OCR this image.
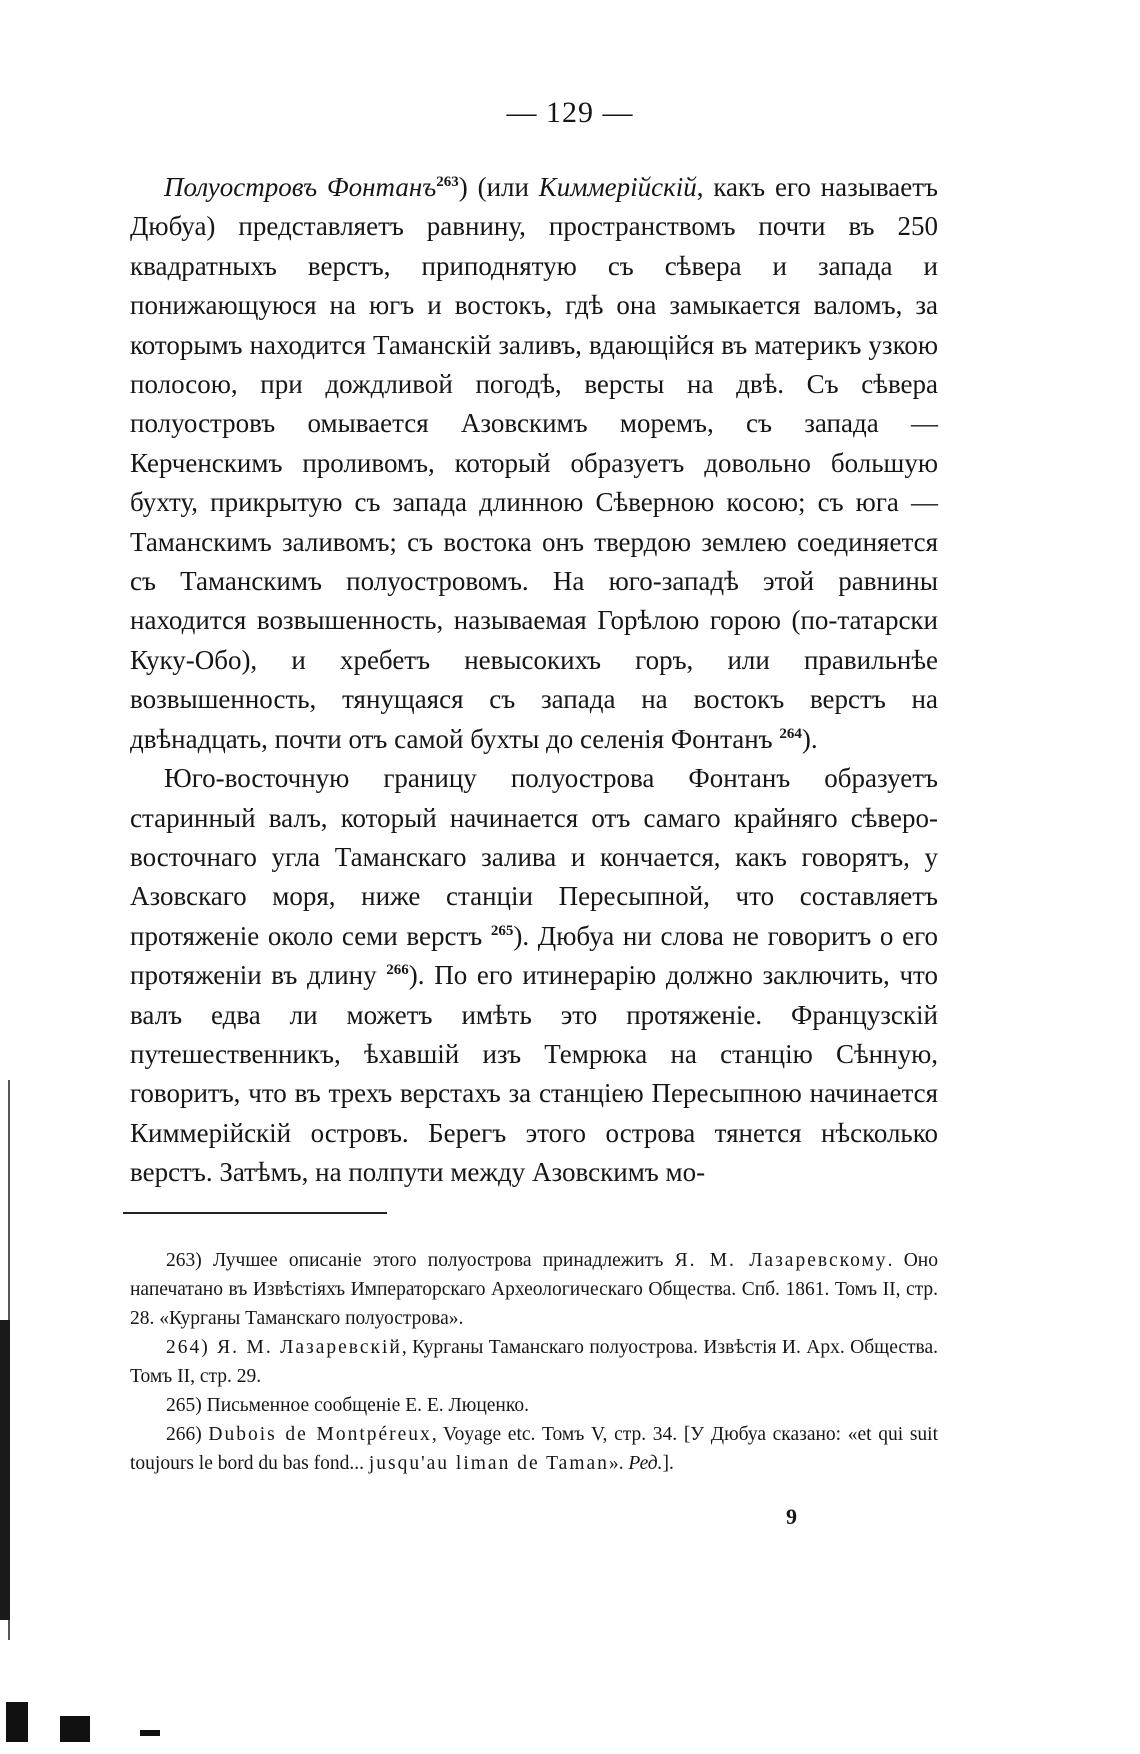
— 129 —

Полуостровъ Фонтанъ$^{263}$) (или Киммерійскій, какъ его называетъ Дюбуа) представляетъ равнину, пространствомъ почти въ 250 квадратныхъ верстъ, приподнятую съ сѣвера и запада и понижающуюся на югъ и востокъ, гдѣ она замыкается валомъ, за которымъ находится Таманскій заливъ, вдающійся въ материкъ узкою полосою, при дождливой погодѣ, версты на двѣ. Съ сѣвера полуостровъ омывается Азовскимъ моремъ, съ запада — Керченскимъ проливомъ, который образуетъ довольно большую бухту, прикрытую съ запада длинною Сѣверною косою; съ юга — Таманскимъ заливомъ; съ востока онъ твердою землею соединяется съ Таманскимъ полуостровомъ. На юго-западѣ этой равнины находится возвышенность, называемая Горѣлою горою (по-татарски Куку-Обо), и хребетъ невысокихъ горъ, или правильнѣе возвышенность, тянущаяся съ запада на востокъ верстъ на двѣнадцать, почти отъ самой бухты до селенія Фонтанъ $^{264}$).

Юго-восточную границу полуострова Фонтанъ образуетъ старинный валъ, который начинается отъ самаго крайняго сѣверо-восточнаго угла Таманскаго залива и кончается, какъ говорятъ, у Азовскаго моря, ниже станціи Пересыпной, что составляетъ протяженіе около семи верстъ $^{265}$). Дюбуа ни слова не говоритъ о его протяженіи въ длину $^{266}$). По его итинерарію должно заключить, что валъ едва ли можетъ имѣть это протяженіе. Французскій путешественникъ, ѣхавшій изъ Темрюка на станцію Сѣнную, говоритъ, что въ трехъ верстахъ за станціею Пересыпною начинается Киммерійскій островъ. Берегъ этого острова тянется нѣсколько верстъ. Затѣмъ, на полпути между Азовскимъ мо-

263) Лучшее описаніе этого полуострова принадлежитъ Я. М. Лазаревскому. Оно напечатано въ Извѣстіяхъ Императорскаго Археологическаго Общества. Спб. 1861. Томъ II, стр. 28. «Курганы Таманскаго полуострова».

264) Я. М. Лазаревскій, Курганы Таманскаго полуострова. Извѣстія И. Арх. Общества. Томъ II, стр. 29.

265) Письменное сообщеніе Е. Е. Люценко.

266) Dubois de Montpéreux, Voyage etc. Томъ V, стр. 34. [У Дюбуа сказано: «et qui suit toujours le bord du bas fond... jusqu'au liman de Taman». Ред.].

9
